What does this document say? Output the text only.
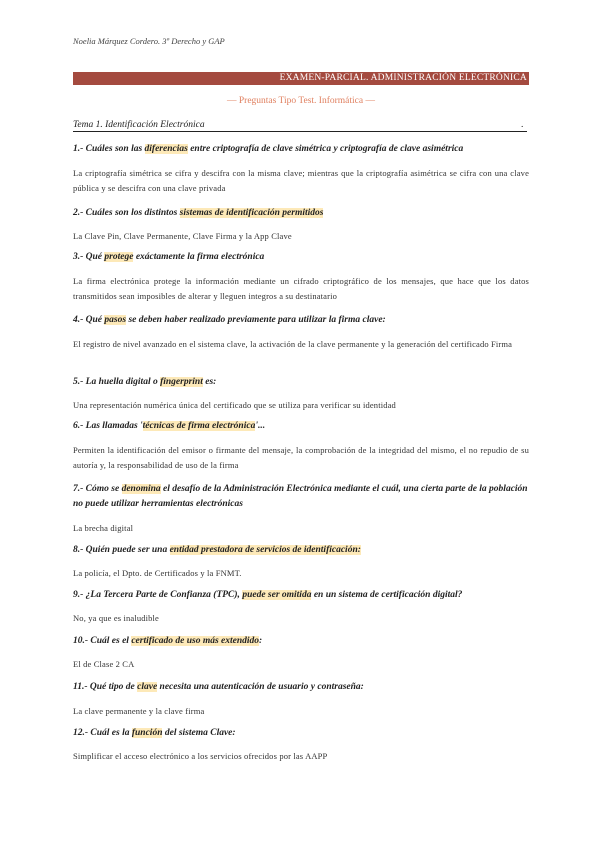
Noelia Márquez Cordero. 3º Derecho y GAP
EXAMEN-PARCIAL. ADMINISTRACIÓN ELECTRÓNICA
— Preguntas Tipo Test. Informática —
Tema 1. Identificación Electrónica	.
1.- Cuáles son las diferencias entre criptografía de clave simétrica y criptografía de clave asimétrica
La criptografía simétrica se cifra y descifra con la misma clave; mientras que la criptografía asimétrica se cifra con una clave pública y se descifra con una clave privada
2.- Cuáles son los distintos sistemas de identificación permitidos
La Clave Pin, Clave Permanente, Clave Firma y la App Clave
3.- Qué protege exáctamente la firma electrónica
La firma electrónica protege la información mediante un cifrado criptográfico de los mensajes, que hace que los datos transmitidos sean imposibles de alterar y lleguen integros a su destinatario
4.- Qué pasos se deben haber realizado previamente para utilizar la firma clave:
El registro de nivel avanzado en el sistema clave, la activación de la clave permanente y la generación del certificado Firma
5.- La huella digital o fingerprint es:
Una representación numérica única del certificado que se utiliza para verificar su identidad
6.- Las llamadas 'técnicas de firma electrónica'...
Permiten la identificación del emisor o firmante del mensaje, la comprobación de la integridad del mismo, el no repudio de su autoría y, la responsabilidad de uso de la firma
7.- Cómo se denomina el desafío de la Administración Electrónica mediante el cuál, una cierta parte de la población no puede utilizar herramientas electrónicas
La brecha digital
8.- Quién puede ser una entidad prestadora de servicios de identificación:
La policía, el Dpto. de Certificados y la FNMT.
9.- ¿La Tercera Parte de Confianza (TPC), puede ser omitida en un sistema de certificación digital?
No, ya que es inaludible
10.- Cuál es el certificado de uso más extendido:
El de Clase 2 CA
11.- Qué tipo de clave necesita una autenticación de usuario y contraseña:
La clave permanente y la clave firma
12.- Cuál es la función del sistema Clave:
Simplificar el acceso electrónico a los servicios ofrecidos por las AAPP
